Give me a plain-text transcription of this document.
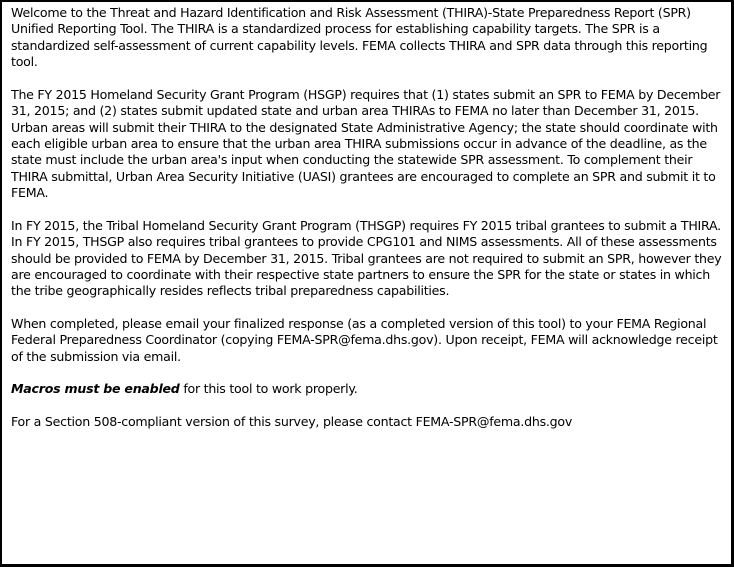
Welcome to the Threat and Hazard Identification and Risk Assessment (THIRA)-State Preparedness Report (SPR) Unified Reporting Tool. The THIRA is a standardized process for establishing capability targets. The SPR is a standardized self-assessment of current capability levels. FEMA collects THIRA and SPR data through this reporting tool.

The FY 2015 Homeland Security Grant Program (HSGP) requires that (1) states submit an SPR to FEMA by December 31, 2015; and (2) states submit updated state and urban area THIRAs to FEMA no later than December 31, 2015. Urban areas will submit their THIRA to the designated State Administrative Agency; the state should coordinate with each eligible urban area to ensure that the urban area THIRA submissions occur in advance of the deadline, as the state must include the urban area's input when conducting the statewide SPR assessment. To complement their THIRA submittal, Urban Area Security Initiative (UASI) grantees are encouraged to complete an SPR and submit it to FEMA.

In FY 2015, the Tribal Homeland Security Grant Program (THSGP) requires FY 2015 tribal grantees to submit a THIRA. In FY 2015, THSGP also requires tribal grantees to provide CPG101 and NIMS assessments. All of these assessments should be provided to FEMA by December 31, 2015. Tribal grantees are not required to submit an SPR, however they are encouraged to coordinate with their respective state partners to ensure the SPR for the state or states in which the tribe geographically resides reflects tribal preparedness capabilities.

When completed, please email your finalized response (as a completed version of this tool) to your FEMA Regional Federal Preparedness Coordinator (copying FEMA-SPR@fema.dhs.gov). Upon receipt, FEMA will acknowledge receipt of the submission via email.

Macros must be enabled for this tool to work properly.

For a Section 508-compliant version of this survey, please contact FEMA-SPR@fema.dhs.gov
